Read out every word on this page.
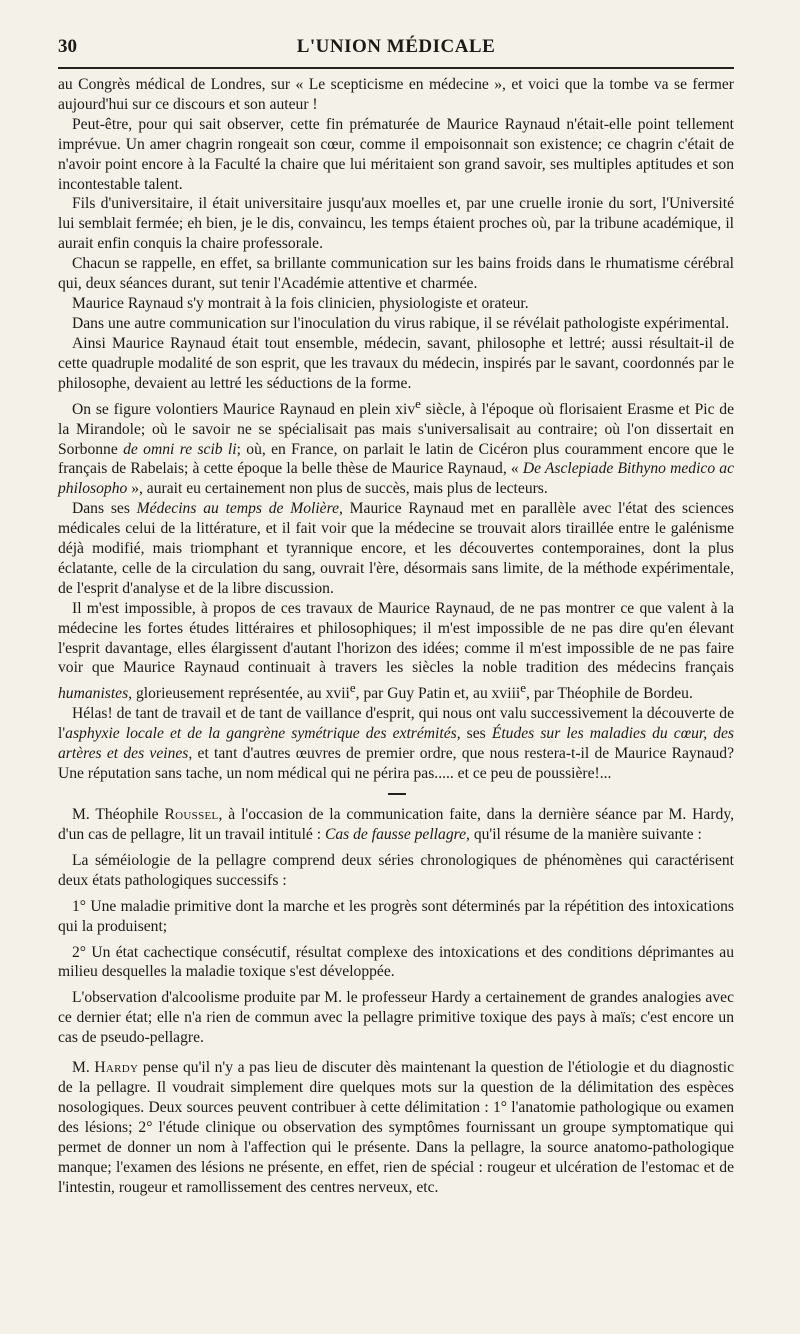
30	L'UNION MÉDICALE

au Congrès médical de Londres, sur « Le scepticisme en médecine », et voici que la tombe va se fermer aujourd'hui sur ce discours et son auteur !

Peut-être, pour qui sait observer, cette fin prématurée de Maurice Raynaud n'était-elle point tellement imprévue. Un amer chagrin rongeait son cœur, comme il empoisonnait son existence; ce chagrin c'était de n'avoir point encore à la Faculté la chaire que lui méritaient son grand savoir, ses multiples aptitudes et son incontestable talent.

Fils d'universitaire, il était universitaire jusqu'aux moelles et, par une cruelle ironie du sort, l'Université lui semblait fermée; eh bien, je le dis, convaincu, les temps étaient proches où, par la tribune académique, il aurait enfin conquis la chaire professorale.

Chacun se rappelle, en effet, sa brillante communication sur les bains froids dans le rhumatisme cérébral qui, deux séances durant, sut tenir l'Académie attentive et charmée.

Maurice Raynaud s'y montrait à la fois clinicien, physiologiste et orateur.

Dans une autre communication sur l'inoculation du virus rabique, il se révélait pathologiste expérimental.

Ainsi Maurice Raynaud était tout ensemble, médecin, savant, philosophe et lettré; aussi résultait-il de cette quadruple modalité de son esprit, que les travaux du médecin, inspirés par le savant, coordonnés par le philosophe, devaient au lettré les séductions de la forme.

On se figure volontiers Maurice Raynaud en plein xiv$^e$ siècle, à l'époque où florisaient Erasme et Pic de la Mirandole; où le savoir ne se spécialisait pas mais s'universalisait au contraire; où l'on dissertait en Sorbonne de omni re scib li; où, en France, on parlait le latin de Cicéron plus couramment encore que le français de Rabelais; à cette époque la belle thèse de Maurice Raynaud, « De Asclepiade Bithyno medico ac philosopho », aurait eu certainement non plus de succès, mais plus de lecteurs.

Dans ses Médecins au temps de Molière, Maurice Raynaud met en parallèle avec l'état des sciences médicales celui de la littérature, et il fait voir que la médecine se trouvait alors tiraillée entre le galénisme déjà modifié, mais triomphant et tyrannique encore, et les découvertes contemporaines, dont la plus éclatante, celle de la circulation du sang, ouvrait l'ère, désormais sans limite, de la méthode expérimentale, de l'esprit d'analyse et de la libre discussion.

Il m'est impossible, à propos de ces travaux de Maurice Raynaud, de ne pas montrer ce que valent à la médecine les fortes études littéraires et philosophiques; il m'est impossible de ne pas dire qu'en élevant l'esprit davantage, elles élargissent d'autant l'horizon des idées; comme il m'est impossible de ne pas faire voir que Maurice Raynaud continuait à travers les siècles la noble tradition des médecins français humanistes, glorieusement représentée, au xvii$^e$, par Guy Patin et, au xviii$^e$, par Théophile de Bordeu.

Hélas! de tant de travail et de tant de vaillance d'esprit, qui nous ont valu successivement la découverte de l'asphyxie locale et de la gangrène symétrique des extrémités, ses Études sur les maladies du cœur, des artères et des veines, et tant d'autres œuvres de premier ordre, que nous restera-t-il de Maurice Raynaud? Une réputation sans tache, un nom médical qui ne périra pas..... et ce peu de poussière!...

M. Théophile Roussel, à l'occasion de la communication faite, dans la dernière séance par M. Hardy, d'un cas de pellagre, lit un travail intitulé : Cas de fausse pellagre, qu'il résume de la manière suivante :

La séméiologie de la pellagre comprend deux séries chronologiques de phénomènes qui caractérisent deux états pathologiques successifs :

1° Une maladie primitive dont la marche et les progrès sont déterminés par la répétition des intoxications qui la produisent;

2° Un état cachectique consécutif, résultat complexe des intoxications et des conditions déprimantes au milieu desquelles la maladie toxique s'est développée.

L'observation d'alcoolisme produite par M. le professeur Hardy a certainement de grandes analogies avec ce dernier état; elle n'a rien de commun avec la pellagre primitive toxique des pays à maïs; c'est encore un cas de pseudo-pellagre.

M. Hardy pense qu'il n'y a pas lieu de discuter dès maintenant la question de l'étiologie et du diagnostic de la pellagre. Il voudrait simplement dire quelques mots sur la question de la délimitation des espèces nosologiques. Deux sources peuvent contribuer à cette délimitation : 1° l'anatomie pathologique ou examen des lésions; 2° l'étude clinique ou observation des symptômes fournissant un groupe symptomatique qui permet de donner un nom à l'affection qui le présente. Dans la pellagre, la source anatomo-pathologique manque; l'examen des lésions ne présente, en effet, rien de spécial : rougeur et ulcération de l'estomac et de l'intestin, rougeur et ramollissement des centres nerveux, etc.
